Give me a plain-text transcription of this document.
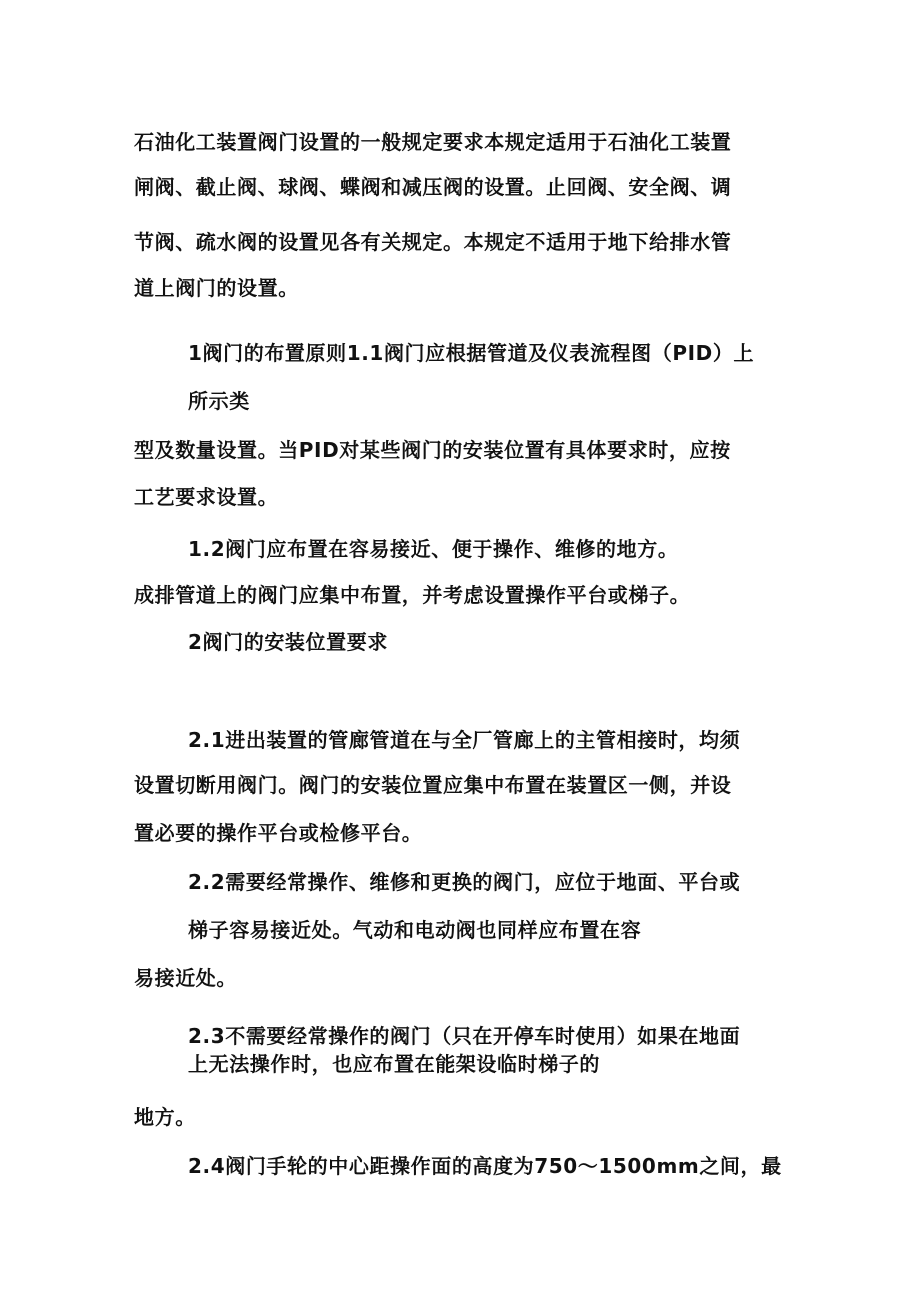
石油化工装置阀门设置的一般规定要求本规定适用于石油化工装置
闸阀、截止阀、球阀、蝶阀和减压阀的设置。止回阀、安全阀、调
节阀、疏水阀的设置见各有关规定。本规定不适用于地下给排水管
道上阀门的设置。
1阀门的布置原则1.1阀门应根据管道及仪表流程图（PID）上
所示类
型及数量设置。当PID对某些阀门的安装位置有具体要求时，应按
工艺要求设置。
1.2阀门应布置在容易接近、便于操作、维修的地方。
成排管道上的阀门应集中布置，并考虑设置操作平台或梯子。
2阀门的安装位置要求
2.1进出装置的管廊管道在与全厂管廊上的主管相接时，均须
设置切断用阀门。阀门的安装位置应集中布置在装置区一侧，并设
置必要的操作平台或检修平台。
2.2需要经常操作、维修和更换的阀门，应位于地面、平台或
梯子容易接近处。气动和电动阀也同样应布置在容
易接近处。
2.3不需要经常操作的阀门（只在开停车时使用）如果在地面
上无法操作时，也应布置在能架设临时梯子的
地方。
2.4阀门手轮的中心距操作面的高度为750～1500mm之间，最
